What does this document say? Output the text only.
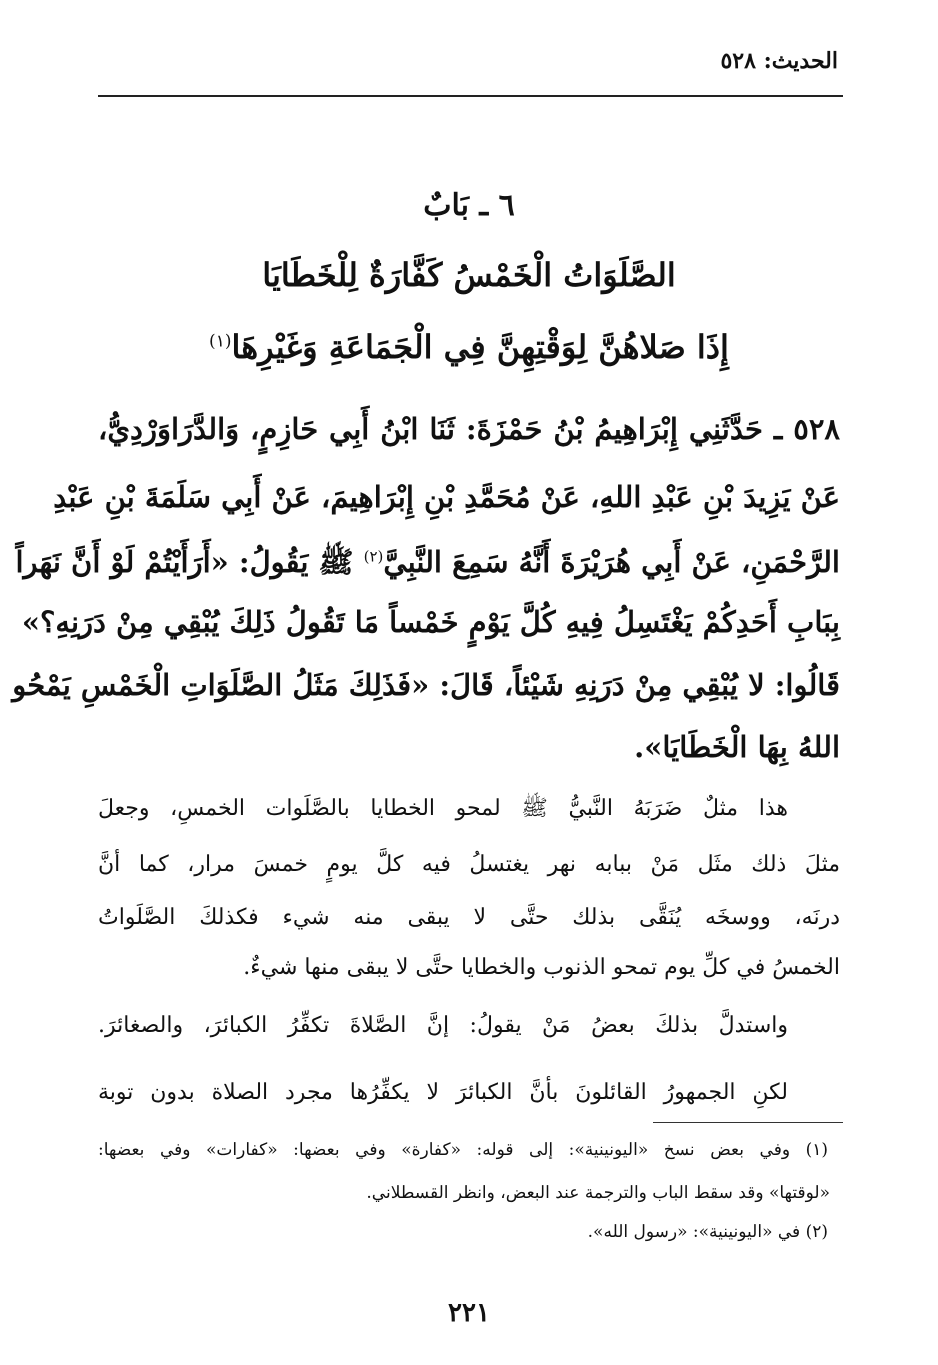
الحديث: ٥٢٨
٦ ـ بَابٌ
الصَّلَوَاتُ الْخَمْسُ كَفَّارَةٌ لِلْخَطَايَا
إِذَا صَلاهُنَّ لِوَقْتِهِنَّ فِي الْجَمَاعَةِ وَغَيْرِهَا$^{(١)}$
٥٢٨ ـ حَدَّثَنِي إِبْرَاهِيمُ بْنُ حَمْزَةَ: ثَنَا ابْنُ أَبِي حَازِمٍ، وَالدَّرَاوَرْدِيُّ،
عَنْ يَزِيدَ بْنِ عَبْدِ اللهِ، عَنْ مُحَمَّدِ بْنِ إِبْرَاهِيمَ، عَنْ أَبِي سَلَمَةَ بْنِ عَبْدِ
الرَّحْمَنِ، عَنْ أَبِي هُرَيْرَةَ أَنَّهُ سَمِعَ النَّبِيَّ$^{(٢)}$ ﷺ يَقُولُ: «أَرَأَيْتُمْ لَوْ أَنَّ نَهَراً
بِبَابِ أَحَدِكُمْ يَغْتَسِلُ فِيهِ كُلَّ يَوْمٍ خَمْساً مَا تَقُولُ ذَلِكَ يُبْقِي مِنْ دَرَنِهِ؟»
قَالُوا: لا يُبْقِي مِنْ دَرَنِهِ شَيْئاً، قَالَ: «فَذَلِكَ مَثَلُ الصَّلَوَاتِ الْخَمْسِ يَمْحُو
اللهُ بِهَا الْخَطَايَا».
هذا مثلٌ ضَرَبَهُ النَّبيُّ ﷺ لمحو الخطايا بالصَّلَوات الخمسِ، وجعلَ
مثلَ ذلك مثَل مَنْ ببابه نهر يغتسلُ فيه كلَّ يومٍ خمسَ مرار، كما أنَّ
درنَه، ووسخَه يُنَقَّى بذلك حتَّى لا يبقى منه شيء فكذلكَ الصَّلَواتُ
الخمسُ في كلِّ يوم تمحو الذنوب والخطايا حتَّى لا يبقى منها شيءٌ.
واستدلَّ بذلكَ بعضُ مَنْ يقولُ: إنَّ الصَّلاةَ تكفِّرُ الكبائرَ، والصغائرَ.
لكنِ الجمهورُ القائلونَ بأنَّ الكبائرَ لا يكفِّرُها مجرد الصلاة بدون توبة
(١) وفي بعض نسخ «اليونينية»: إلى قوله: «كفارة» وفي بعضها: «كفارات» وفي بعضها:
«لوقتها» وقد سقط الباب والترجمة عند البعض، وانظر القسطلاني.
(٢) في «اليونينية»: «رسول الله».
٢٢١
